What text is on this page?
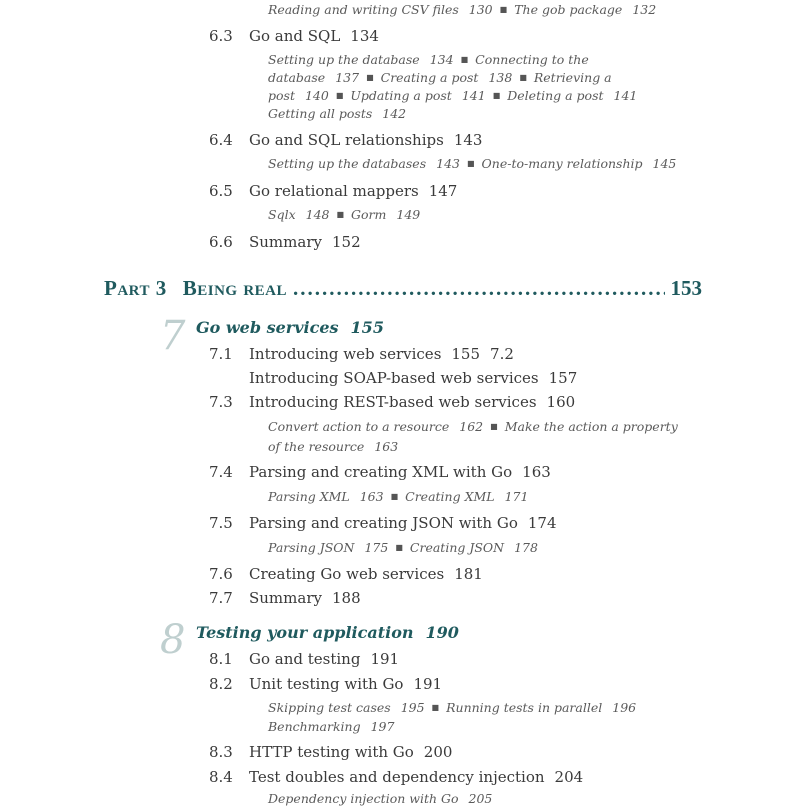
Reading and writing CSV files 130 ■ The gob package 132
6.3 Go and SQL 134
Setting up the database 134 ■ Connecting to the
database 137 ■ Creating a post 138 ■ Retrieving a
post 140 ■ Updating a post 141 ■ Deleting a post 141
Getting all posts 142
6.4 Go and SQL relationships 143
Setting up the databases 143 ■ One-to-many relationship 145
6.5 Go relational mappers 147
Sqlx 148 ■ Gorm 149
6.6 Summary 152
Part 3 Being real
.....	153
7 Go web services 155
7.1 Introducing web services 155 7.2
Introducing SOAP-based web services 157
7.3 Introducing REST-based web services 160
Convert action to a resource 162 ■ Make the action a property
of the resource 163
7.4 Parsing and creating XML with Go 163
Parsing XML 163 ■ Creating XML 171
7.5 Parsing and creating JSON with Go 174
Parsing JSON 175 ■ Creating JSON 178
7.6 Creating Go web services 181
7.7 Summary 188
8 Testing your application 190
8.1 Go and testing 191
8.2 Unit testing with Go 191
Skipping test cases 195 ■ Running tests in parallel 196
Benchmarking 197
8.3 HTTP testing with Go 200
8.4 Test doubles and dependency injection 204
Dependency injection with Go 205
